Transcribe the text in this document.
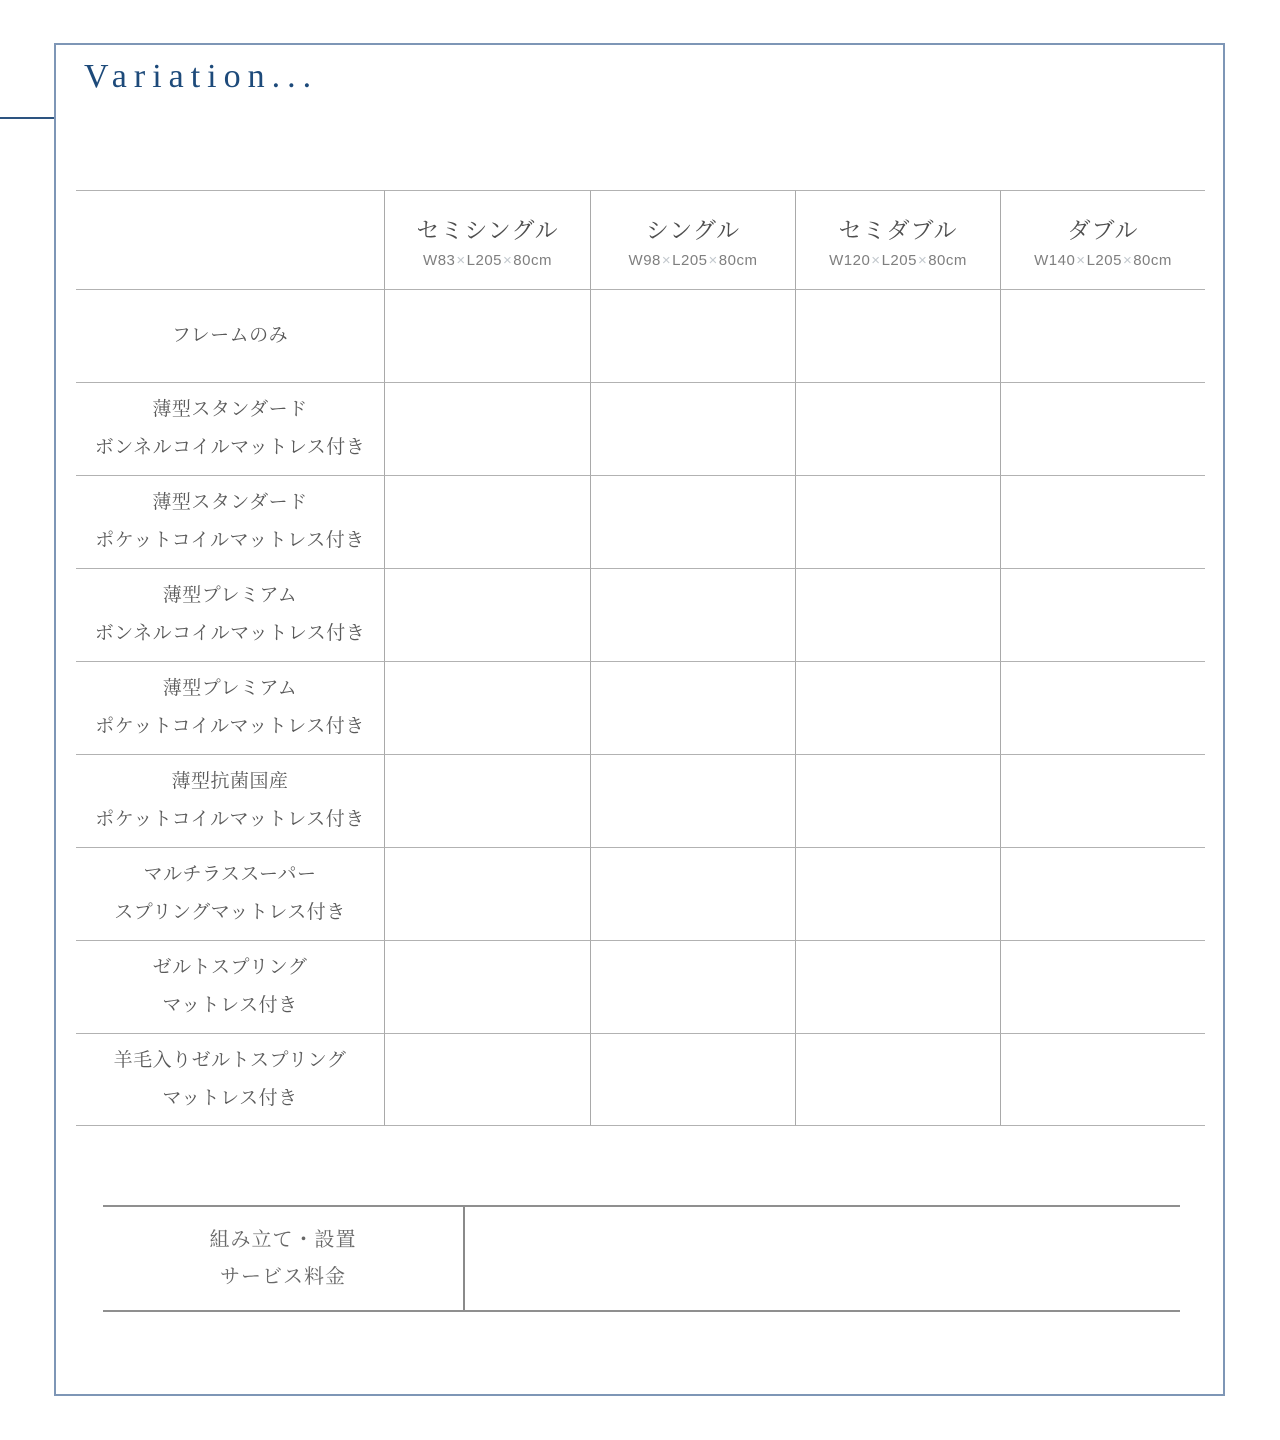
Variation...
セミシングル
W83×L205×80cm
シングル
W98×L205×80cm
セミダブル
W120×L205×80cm
ダブル
W140×L205×80cm
フレームのみ
薄型スタンダード
ボンネルコイルマットレス付き
薄型スタンダード
ポケットコイルマットレス付き
薄型プレミアム
ボンネルコイルマットレス付き
薄型プレミアム
ポケットコイルマットレス付き
薄型抗菌国産
ポケットコイルマットレス付き
マルチラススーパー
スプリングマットレス付き
ゼルトスプリング
マットレス付き
羊毛入りゼルトスプリング
マットレス付き
組み立て・設置
サービス料金
